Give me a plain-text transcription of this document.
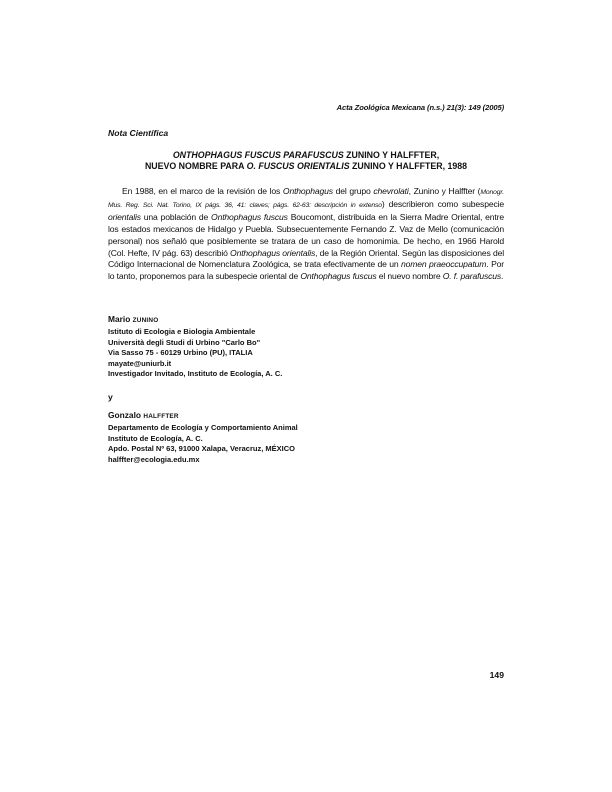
Acta Zoológica Mexicana (n.s.) 21(3): 149 (2005)
Nota Científica
ONTHOPHAGUS FUSCUS PARAFUSCUS ZUNINO Y HALFFTER,
NUEVO NOMBRE PARA O. FUSCUS ORIENTALIS ZUNINO Y HALFFTER, 1988

En 1988, en el marco de la revisión de los Onthophagus del grupo chevrolati, Zunino y Halffter (Monogr. Mus. Reg. Sci. Nat. Torino, IX págs. 36, 41: claves; págs. 62-63: descripción in extenso) describieron como subespecie orientalis una población de Onthophagus fuscus Boucomont, distribuida en la Sierra Madre Oriental, entre los estados mexicanos de Hidalgo y Puebla. Subsecuentemente Fernando Z. Vaz de Mello (comunicación personal) nos señaló que posiblemente se tratara de un caso de homonimia. De hecho, en 1966 Harold (Col. Hefte, IV pág. 63) describió Onthophagus orientalis, de la Región Oriental. Según las disposiciones del Código Internacional de Nomenclatura Zoológica, se trata efectivamente de un nomen praeoccupatum. Por lo tanto, proponemos para la subespecie oriental de Onthophagus fuscus el nuevo nombre O. f. parafuscus.

Mario ZUNINO
Istituto di Ecologia e Biologia Ambientale
Università degli Studi di Urbino "Carlo Bo"
Via Sasso 75 - 60129 Urbino (PU), ITALIA
mayate@uniurb.it
Investigador Invitado, Instituto de Ecología, A. C.
y
Gonzalo HALFFTER
Departamento de Ecología y Comportamiento Animal
Instituto de Ecología, A. C.
Apdo. Postal Nº 63, 91000 Xalapa, Veracruz, MÉXICO
halffter@ecologia.edu.mx
149
